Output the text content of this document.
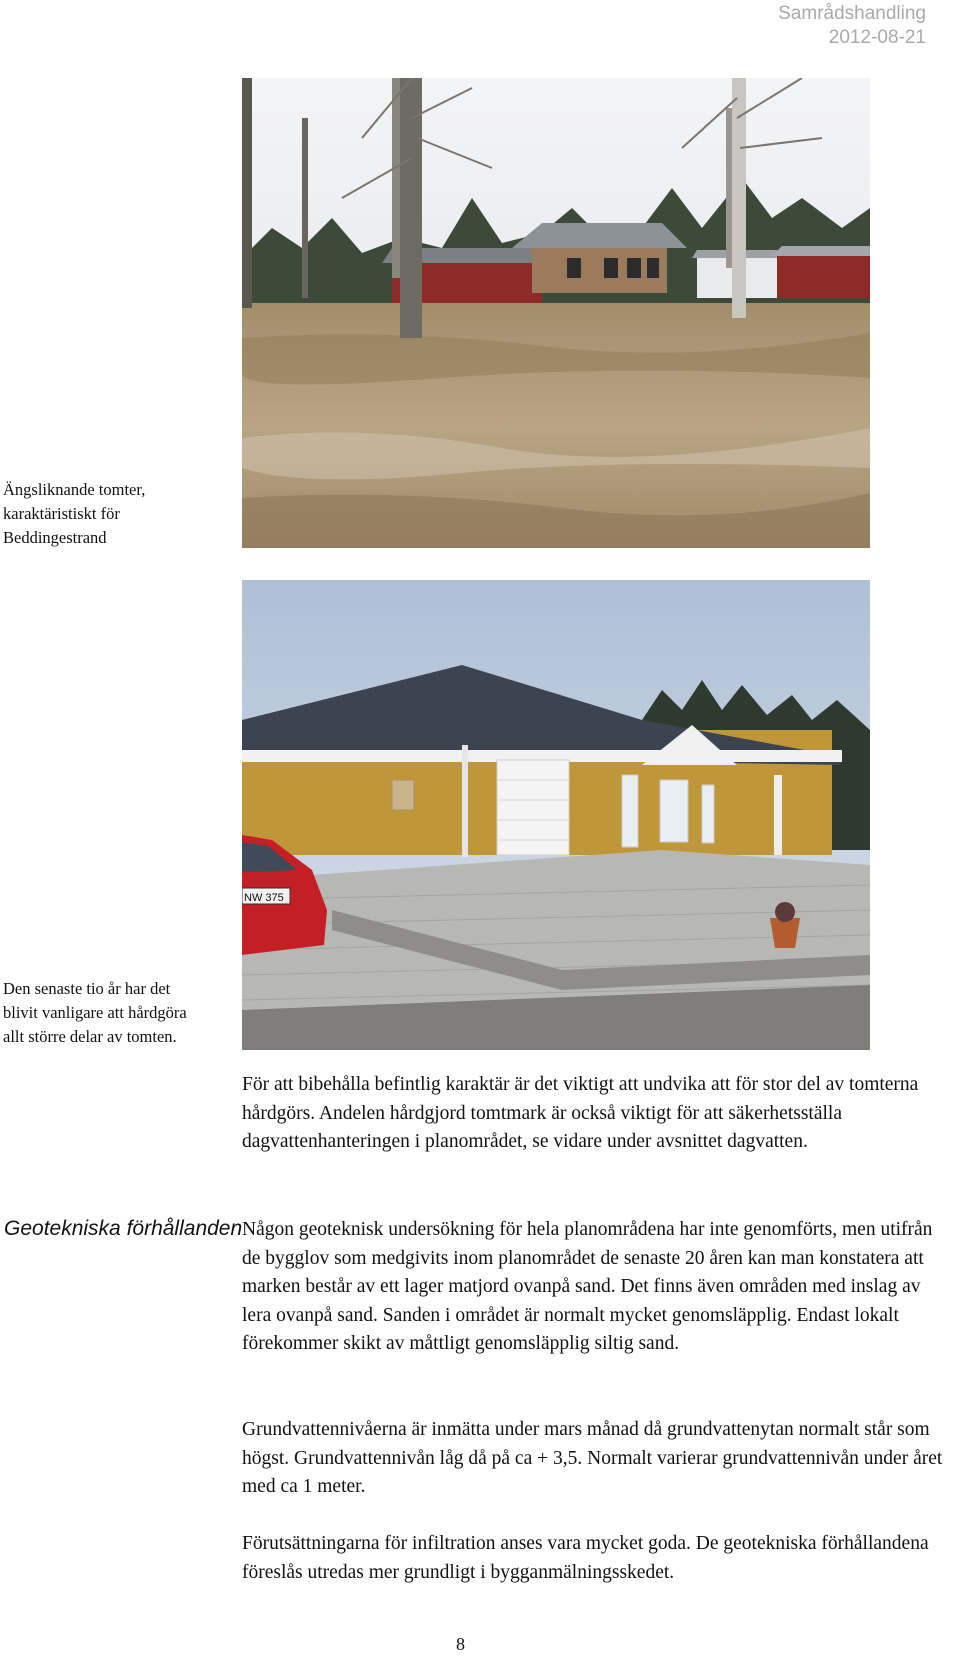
Samrådshandling
2012-08-21
Ängsliknande tomter, karaktäristiskt för Beddingestrand
NW 375
Den senaste tio år har det blivit vanligare att hårdgöra allt större delar av tomten.

För att bibehålla befintlig karaktär är det viktigt att undvika att för stor del av tomterna hårdgörs. Andelen hårdgjord tomtmark är också viktigt för att säkerhetsställa dagvattenhanteringen i planområdet, se vidare under avsnittet dagvatten.

Geotekniska förhållanden Någon geoteknisk undersökning för hela planområdena har inte genomförts, men utifrån de bygglov som medgivits inom planområdet de senaste 20 åren kan man konstatera att marken består av ett lager matjord ovanpå sand. Det finns även områden med inslag av lera ovanpå sand. Sanden i området är normalt mycket genomsläpplig. Endast lokalt förekommer skikt av måttligt genomsläpplig siltig sand.

Grundvattennivåerna är inmätta under mars månad då grundvattenytan normalt står som högst. Grundvattennivån låg då på ca + 3,5. Normalt varierar grundvattennivån under året med ca 1 meter.

Förutsättningarna för infiltration anses vara mycket goda. De geotekniska förhållandena föreslås utredas mer grundligt i bygganmälningsskedet.

8
